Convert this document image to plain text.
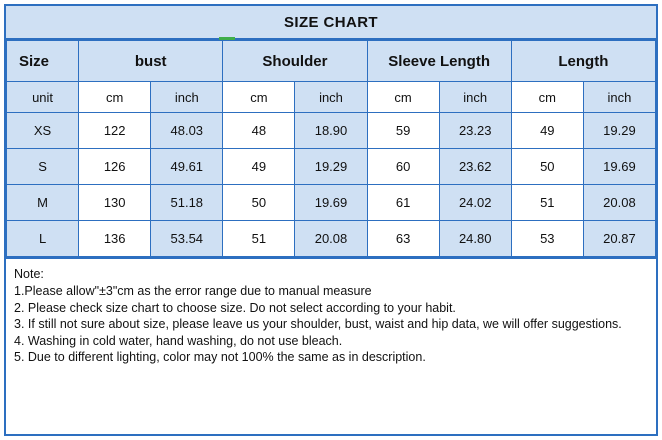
SIZE CHART
Size	bust		Shoulder		Sleeve Length		Length	
unit	cm	inch	cm	inch	cm	inch	cm	inch
XS	122	48.03	48	18.90	59	23.23	49	19.29
S	126	49.61	49	19.29	60	23.62	50	19.69
M	130	51.18	50	19.69	61	24.02	51	20.08
L	136	53.54	51	20.08	63	24.80	53	20.87
Note:
1.Please allow"±3"cm as the error range due to manual measure
2. Please check size chart to choose size. Do not select according to your habit.
3. If still not sure about size, please leave us your shoulder, bust, waist and hip data, we will offer suggestions.
4. Washing in cold water, hand washing, do not use bleach.
5. Due to different lighting, color may not 100% the same as in description.
